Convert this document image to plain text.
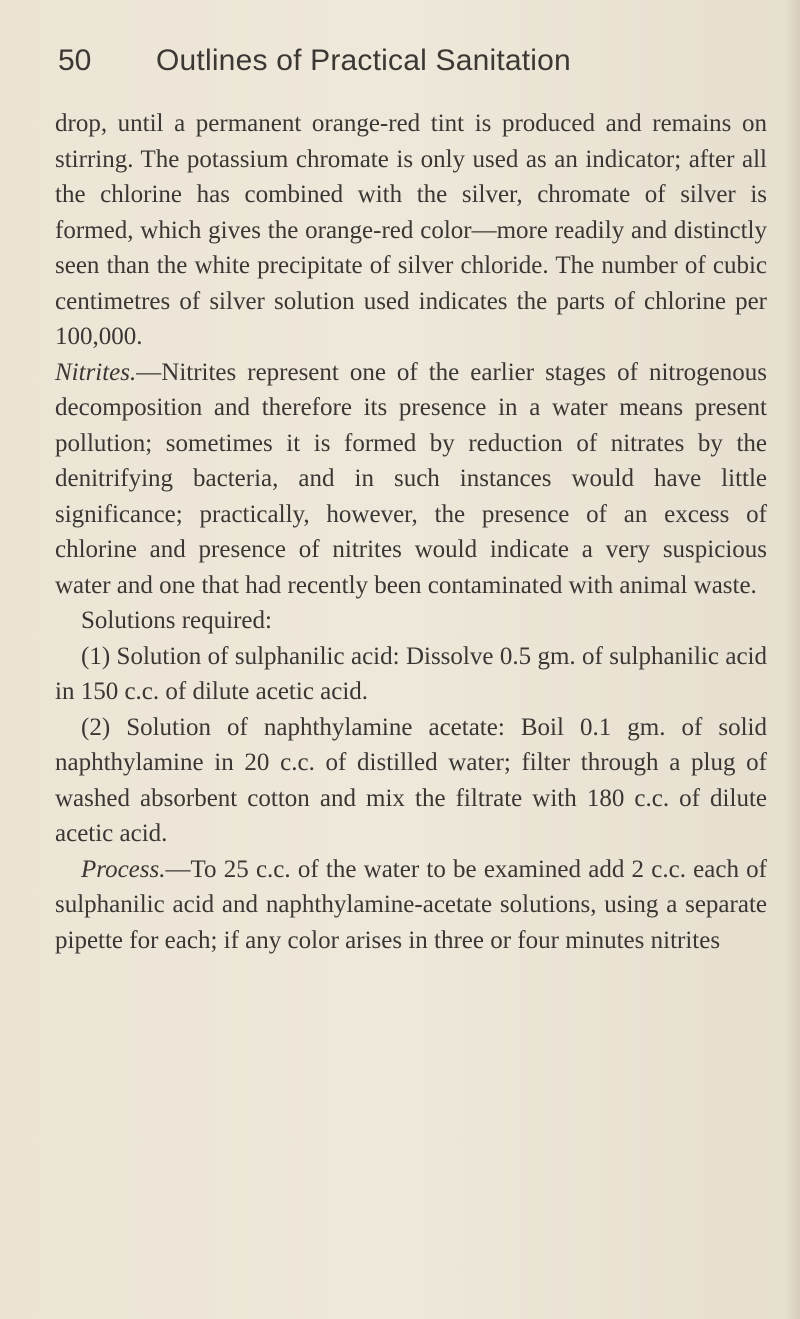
50 Outlines of Practical Sanitation

drop, until a permanent orange-red tint is produced and remains on stirring. The potassium chromate is only used as an indicator; after all the chlorine has combined with the silver, chromate of silver is formed, which gives the orange-red color—more readily and distinctly seen than the white precipitate of silver chloride. The number of cubic centimetres of silver solution used indicates the parts of chlorine per 100,000.

Nitrites.—Nitrites represent one of the earlier stages of nitrogenous decomposition and therefore its presence in a water means present pollution; sometimes it is formed by reduction of nitrates by the denitrifying bacteria, and in such instances would have little significance; practically, however, the presence of an excess of chlorine and presence of nitrites would indicate a very suspicious water and one that had recently been contaminated with animal waste.

Solutions required:

(1) Solution of sulphanilic acid: Dissolve 0.5 gm. of sulphanilic acid in 150 c.c. of dilute acetic acid.

(2) Solution of naphthylamine acetate: Boil 0.1 gm. of solid naphthylamine in 20 c.c. of distilled water; filter through a plug of washed absorbent cotton and mix the filtrate with 180 c.c. of dilute acetic acid.

Process.—To 25 c.c. of the water to be examined add 2 c.c. each of sulphanilic acid and naphthylamine-acetate solutions, using a separate pipette for each; if any color arises in three or four minutes nitrites
